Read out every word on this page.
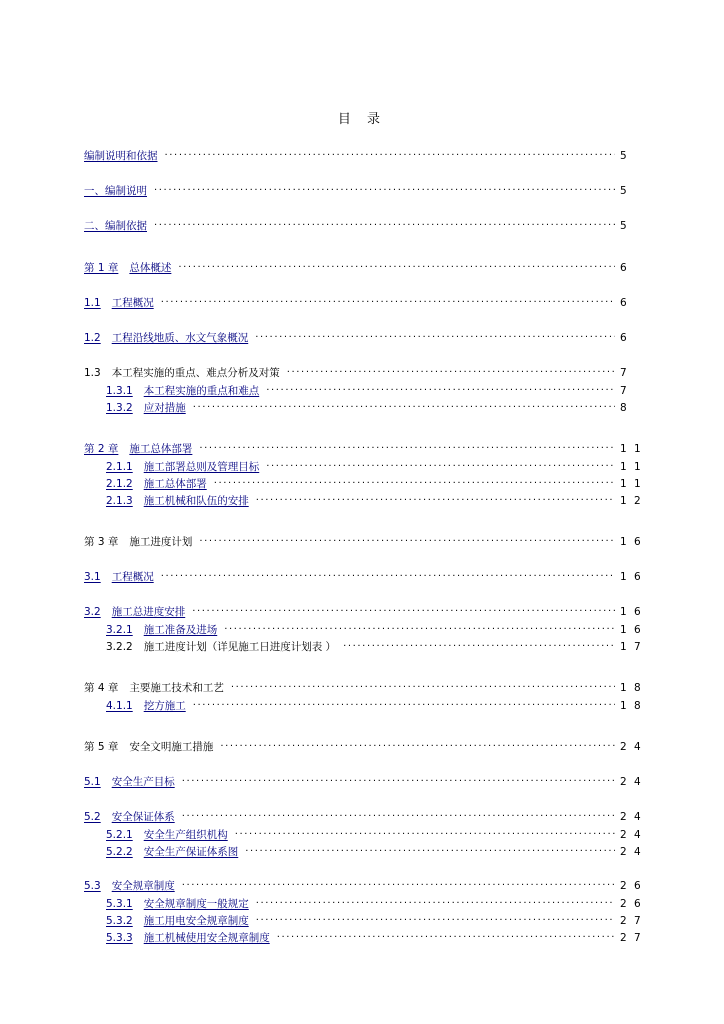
目 录
编制说明和依据 .....	5
一、编制说明 .....	5
二、编制依据 .....	5
第 1 章 总体概述 .....	6
1.1 工程概况 .....	6
1.2 工程沿线地质、水文气象概况 .....	6
1.3 本工程实施的重点、难点分析及对策 .....	7
1.3.1 本工程实施的重点和难点 .....	7
1.3.2 应对措施 .....	8
第 2 章 施工总体部署 .....	1 1
2.1.1 施工部署总则及管理目标 .....	1 1
2.1.2 施工总体部署 .....	1 1
2.1.3 施工机械和队伍的安排 .....	1 2
第 3 章 施工进度计划 .....	1 6
3.1 工程概况 .....	1 6
3.2 施工总进度安排 .....	1 6
3.2.1 施工准备及进场 .....	1 6
3.2.2 施工进度计划（详见施工日进度计划表 ） .....	1 7
第 4 章 主要施工技术和工艺 .....	1 8
4.1.1 挖方施工 .....	1 8
第 5 章 安全文明施工措施 .....	2 4
5.1 安全生产目标 .....	2 4
5.2 安全保证体系 .....	2 4
5.2.1 安全生产组织机构 .....	2 4
5.2.2 安全生产保证体系图 .....	2 4
5.3 安全规章制度 .....	2 6
5.3.1 安全规章制度一般规定 .....	2 6
5.3.2 施工用电安全规章制度 .....	2 7
5.3.3 施工机械使用安全规章制度 .....	2 7
